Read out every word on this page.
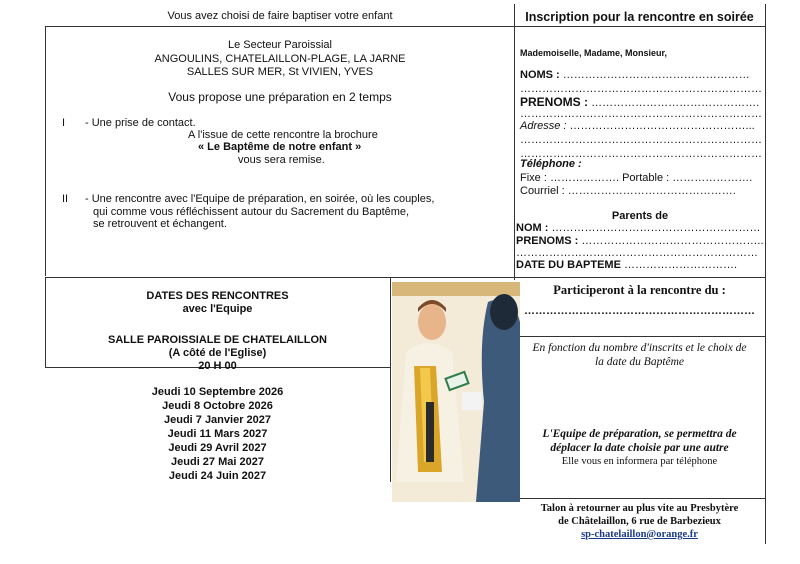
Vous avez choisi de faire baptiser votre enfant
Le Secteur Paroissial
ANGOULINS, CHATELAILLON-PLAGE, LA JARNE
SALLES SUR MER, St VIVIEN, YVES
Vous propose une préparation en 2 temps
I - Une prise de contact.
A l'issue de cette rencontre la brochure
« Le Baptême de notre enfant »
vous sera remise.
II - Une rencontre avec l'Equipe de préparation, en soirée, où les couples,
qui comme vous réfléchissent autour du Sacrement du Baptême,
se retrouvent et échangent.
DATES DES RENCONTRES
avec l'Equipe
SALLE PAROISSIALE DE CHATELAILLON
(A côté de l'Eglise)
20 H 00
Jeudi 10 Septembre 2026
Jeudi 8 Octobre 2026
Jeudi 7 Janvier 2027
Jeudi 11 Mars 2027
Jeudi 29 Avril 2027
Jeudi 27 Mai 2027
Jeudi 24 Juin 2027
Inscription pour la rencontre en soirée
Mademoiselle, Madame, Monsieur,
NOMS : ……………………………………………
…………………………………………………………
PRENOMS : ……………………………………….
…………………………………………………………
Adresse : …………………………………………...
…………………………………………………………
…………………………………………………………
Téléphone :
Fixe : ………………. Portable : ………………….
Courriel : ……………………………………….
Parents de
NOM : …………………………………………………
PRENOMS : …………………………………………..
…………………………………………………………
DATE DU BAPTEME ………………………….
Participeront à la rencontre du :
………………………………………………………
En fonction du nombre d'inscrits et le choix de
la date du Baptême
L'Equipe de préparation, se permettra de
déplacer la date choisie par une autre
Elle vous en informera par téléphone
Talon à retourner au plus vite au Presbytère
de Châtelaillon, 6 rue de Barbezieux
sp-chatelaillon@orange.fr
